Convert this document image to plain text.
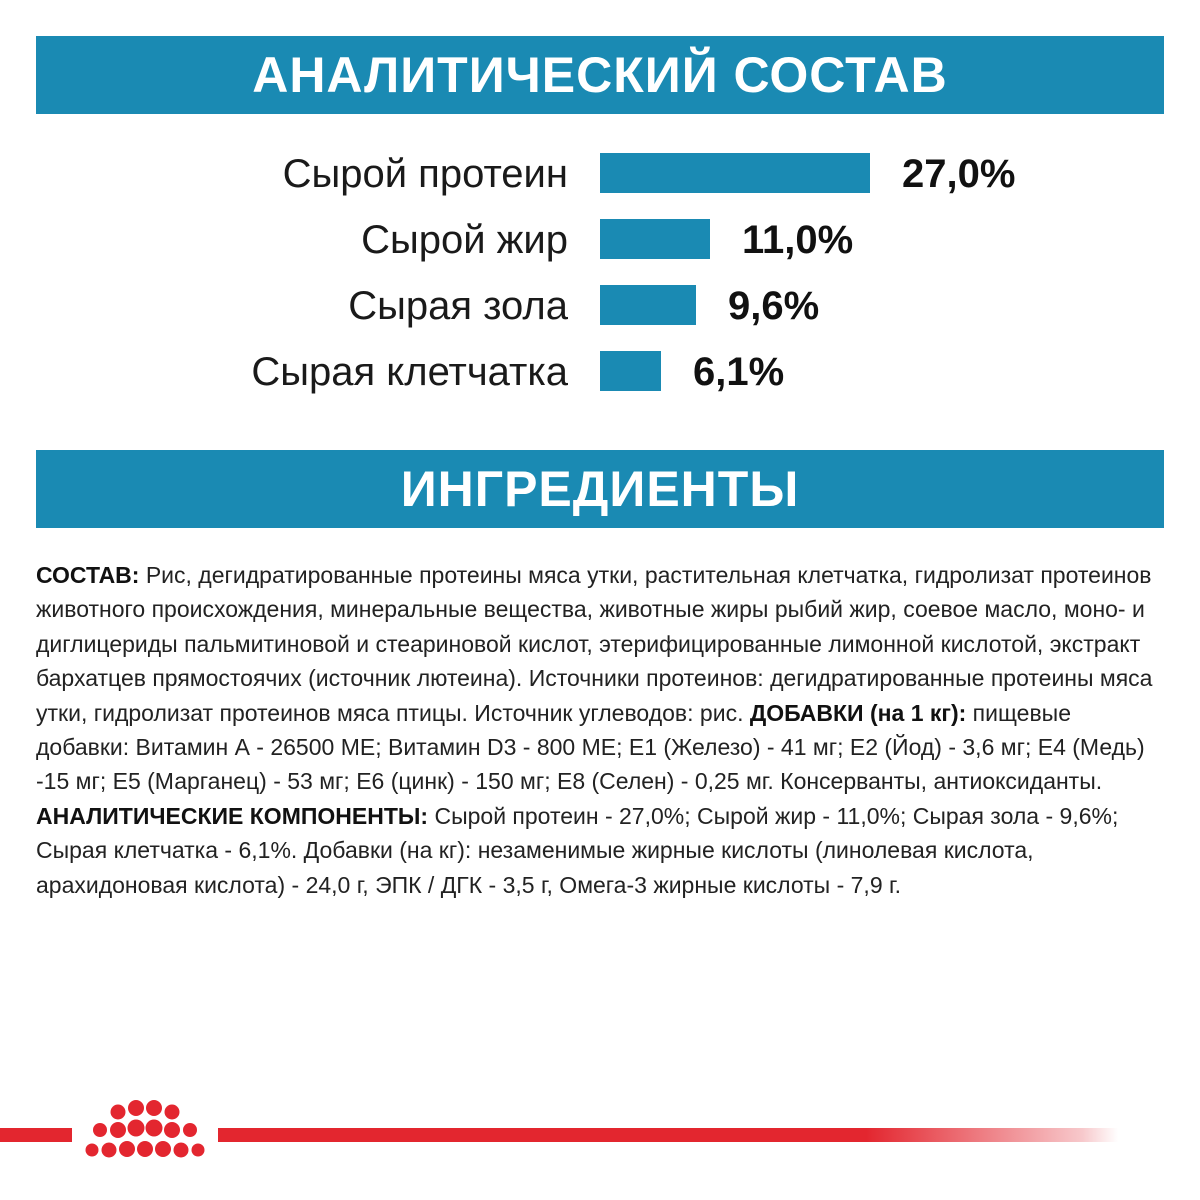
АНАЛИТИЧЕСКИЙ СОСТАВ
Сырой протеин	27,0%
Сырой жир	11,0%
Сырая зола	9,6%
Сырая клетчатка	6,1%
ИНГРЕДИЕНТЫ
СОСТАВ: Рис, дегидратированные протеины мяса утки, растительная клетчатка, гидролизат протеинов животного происхождения, минеральные вещества, животные жиры рыбий жир, соевое масло, моно- и диглицериды пальмитиновой и стеариновой кислот, этерифицированные лимонной кислотой, экстракт бархатцев прямостоячих (источник лютеина). Источники протеинов: дегидратированные протеины мяса утки, гидролизат протеинов мяса птицы. Источник углеводов: рис. ДОБАВКИ (на 1 кг): пищевые добавки: Витамин А - 26500 МЕ; Витамин D3 - 800 МЕ; Е1 (Железо) - 41 мг; Е2 (Йод) - 3,6 мг; Е4 (Медь) -15 мг; Е5 (Марганец) - 53 мг; Е6 (цинк) - 150 мг; Е8 (Селен) - 0,25 мг. Консерванты, антиоксиданты. АНАЛИТИЧЕСКИЕ КОМПОНЕНТЫ: Сырой протеин - 27,0%; Сырой жир - 11,0%; Сырая зола - 9,6%; Сырая клетчатка - 6,1%. Добавки (на кг): незаменимые жирные кислоты (линолевая кислота, арахидоновая кислота) - 24,0 г, ЭПК / ДГК - 3,5 г, Омега-3 жирные кислоты - 7,9 г.
